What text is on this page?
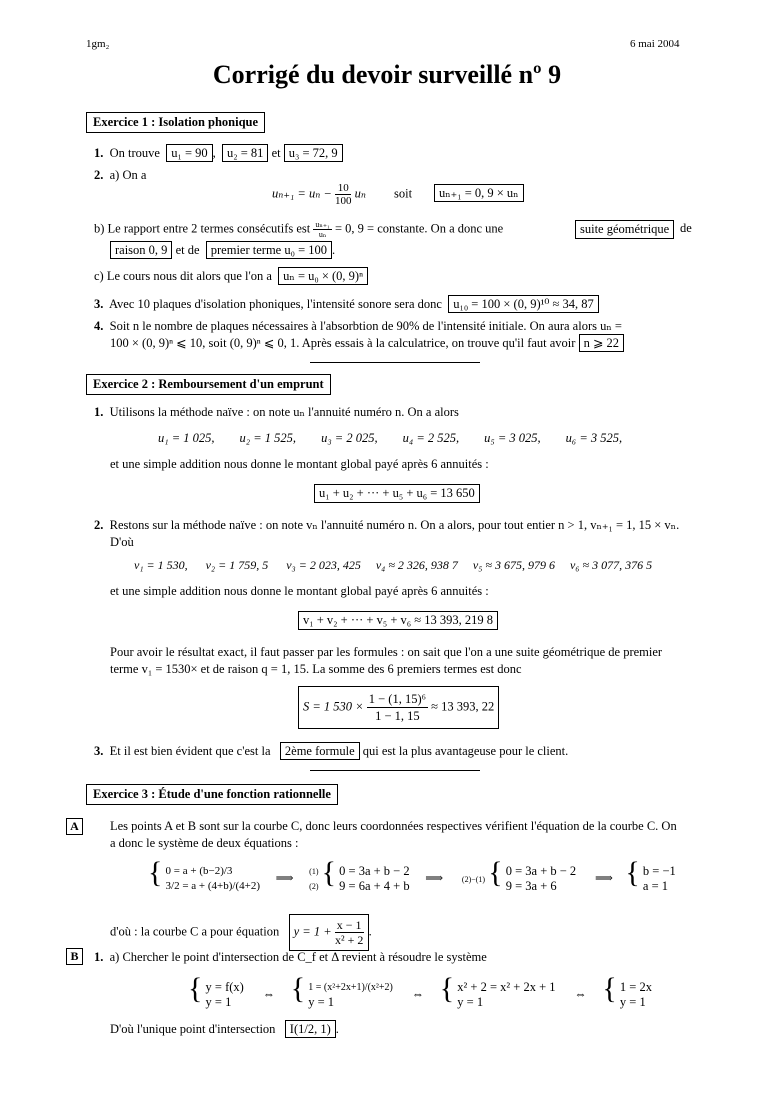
1gm₂	6 mai 2004
Corrigé du devoir surveillé nº 9
Exercice 1 : Isolation phonique
1. On trouve u₁ = 90 ,  u₂ = 81 et u₃ = 72, 9
2. a) On a
$u_{n+1} = u_n - \frac{10}{100}$ uₙ soit uₙ₊₁ = 0, 9 × uₙ
b) Le rapport entre 2 termes consécutifs est $\frac{\text{uₙ₊₁}}{\text{uₙ}} = 0$, 9 = constante. On a donc une	suite géométrique de
raison 0, 9 et de premier terme u₀ = 100 .
c) Le cours nous dit alors que l'on a uₙ = u₀ × (0, 9)ⁿ
3. Avec 10 plaques d'isolation phoniques, l'intensité sonore sera donc u₁₀ = 100 × (0, 9)¹⁰ ≈ 34, 87
4. Soit n le nombre de plaques nécessaires à l'absorbtion de 90% de l'intensité initiale. On aura alors uₙ =
100 × (0, 9)ⁿ ⩽ 10, soit (0, 9)ⁿ ⩽ 0, 1. Après essais à la calculatrice, on trouve qu'il faut avoir n ⩾ 22
Exercice 2 : Remboursement d'un emprunt
1. Utilisons la méthode naïve : on note uₙ l'annuité numéro n. On a alors
u₁ = 1 025, u₂ = 1 525, u₃ = 2 025, u₄ = 2 525, u₅ = 3 025, u₆ = 3 525,
et une simple addition nous donne le montant global payé après 6 annuités :
u₁ + u₂ + ··· + u₅ + u₆ = 13 650
2. Restons sur la méthode naïve : on note vₙ l'annuité numéro n. On a alors, pour tout entier n > 1, vₙ₊₁ = 1, 15 × vₙ.
D'où
v₁ = 1 530, v₂ = 1 759, 5 v₃ = 2 023, 425 v₄ ≈ 2 326, 938 7 v₅ ≈ 3 675, 979 6 v₆ ≈ 3 077, 376 5
et une simple addition nous donne le montant global payé après 6 annuités :
v₁ + v₂ + ··· + v₅ + v₆ ≈ 13 393, 219 8
Pour avoir le résultat exact, il faut passer par les formules : on sait que l'on a une suite géométrique de premier
terme v₁ = 1530× et de raison q = 1, 15. La somme des 6 premiers termes est donc
S = 1 $530 \times \frac{\text{1 − (1, 15)⁶}}{1 - 1, 15} \approx 13$ 393, 22
3. Et il est bien évident que c'est la 2ème formule qui est la plus avantageuse pour le client.
Exercice 3 : Étude d'une fonction rationnelle
A	Les points A et B sont sur la courbe C, donc leurs coordonnées respectives vérifient l'équation de la courbe C. On
a donc le système de deux équations :
{ 0 = a + (b−2)/3
3/2 = a + (4+b)/(4+2)
⟹ (1)
(2) { 0 = 3a + b − 2
9 = 6a + 4 + b
⟹ (2)−(1) { 0 = 3a + b − 2
9 = 3a + 6
⟹ { b = −1
a = 1
d'où : la courbe C a pour équation $y = 1 + \frac{x - 1}{\text{x² + 2}}$ .
B	1. a) Chercher le point d'intersection de C_f et Δ revient à résoudre le système
{ y = f(x)
y = 1
⇔ { 1 = (x²+2x+1)/(x²+2)
y = 1
⇔ { x² + 2 = x² + 2x + 1
y = 1
⇔ { 1 = 2x
y = 1
D'où l'unique point d'intersection I(1/2, 1) .
